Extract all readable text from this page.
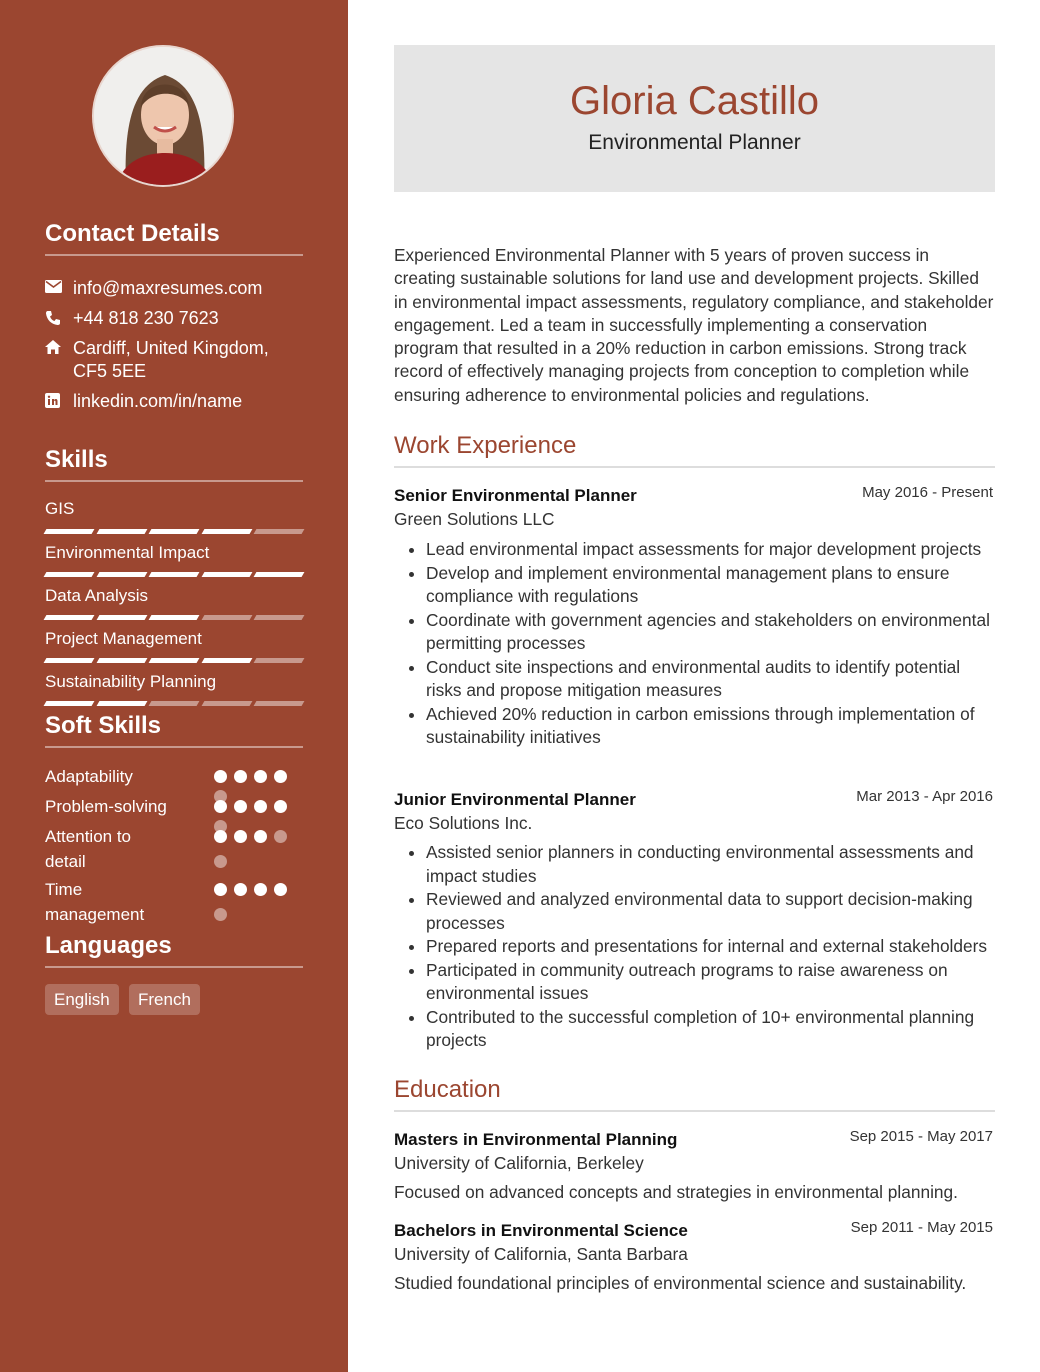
Contact Details
info@maxresumes.com
+44 818 230 7623
Cardiff, United Kingdom,
CF5 5EE
linkedin.com/in/name
Skills
GIS
Environmental Impact
Data Analysis
Project Management
Sustainability Planning
Soft Skills
Adaptability
Problem-solving
Attention to detail
Time management
Languages
English	French
Gloria Castillo
Environmental Planner
Experienced Environmental Planner with 5 years of proven success in creating sustainable solutions for land use and development projects. Skilled in environmental impact assessments, regulatory compliance, and stakeholder engagement. Led a team in successfully implementing a conservation program that resulted in a 20% reduction in carbon emissions. Strong track record of effectively managing projects from conception to completion while ensuring adherence to environmental policies and regulations.
Work Experience
Senior Environmental Planner	May 2016 - Present
Green Solutions LLC
• Lead environmental impact assessments for major development projects
• Develop and implement environmental management plans to ensure compliance with regulations
• Coordinate with government agencies and stakeholders on environmental permitting processes
• Conduct site inspections and environmental audits to identify potential risks and propose mitigation measures
• Achieved 20% reduction in carbon emissions through implementation of sustainability initiatives
Junior Environmental Planner	Mar 2013 - Apr 2016
Eco Solutions Inc.
• Assisted senior planners in conducting environmental assessments and impact studies
• Reviewed and analyzed environmental data to support decision-making processes
• Prepared reports and presentations for internal and external stakeholders
• Participated in community outreach programs to raise awareness on environmental issues
• Contributed to the successful completion of 10+ environmental planning projects
Education
Masters in Environmental Planning	Sep 2015 - May 2017
University of California, Berkeley
Focused on advanced concepts and strategies in environmental planning.
Bachelors in Environmental Science	Sep 2011 - May 2015
University of California, Santa Barbara
Studied foundational principles of environmental science and sustainability.
